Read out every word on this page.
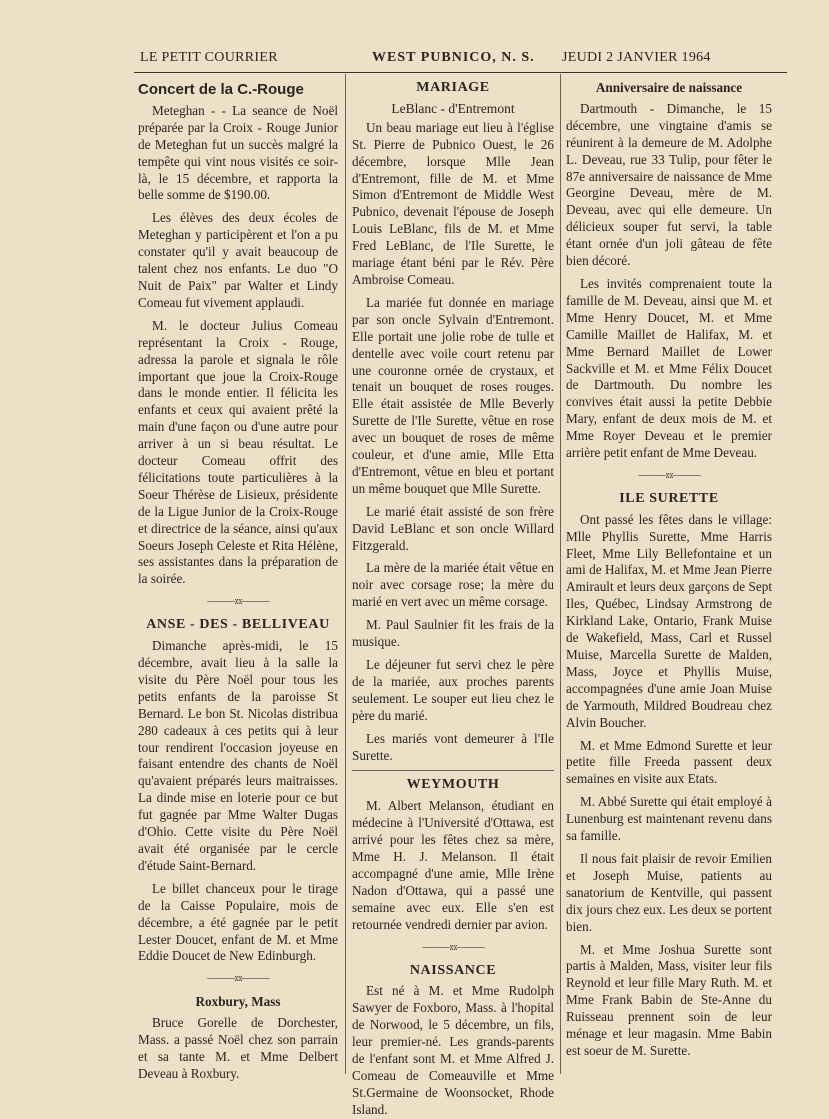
LE PETIT COURRIER	WEST PUBNICO, N. S. JEUDI 2 JANVIER 1964
Concert de la C.-Rouge

Meteghan - - La seance de Noël préparée par la Croix - Rouge Junior de Meteghan fut un succès malgré la tempête qui vint nous visités ce soir-là, le 15 décembre, et rapporta la belle somme de $190.00.

Les élèves des deux écoles de Meteghan y participèrent et l'on a pu constater qu'il y avait beaucoup de talent chez nos enfants. Le duo "O Nuit de Paix" par Walter et Lindy Comeau fut vivement applaudi.

M. le docteur Julius Comeau représentant la Croix - Rouge, adressa la parole et signala le rôle important que joue la Croix-Rouge dans le monde entier. Il félicita les enfants et ceux qui avaient prêté la main d'une façon ou d'une autre pour arriver à un si beau résultat. Le docteur Comeau offrit des félicitations toute particulières à la Soeur Thérèse de Lisieux, présidente de la Ligue Junior de la Croix-Rouge et directrice de la séance, ainsi qu'aux Soeurs Joseph Celeste et Rita Hélène, ses assistantes dans la préparation de la soirée.

———:o:———
ANSE - DES - BELLIVEAU

Dimanche après-midi, le 15 décembre, avait lieu à la salle la visite du Père Noël pour tous les petits enfants de la paroisse St Bernard. Le bon St. Nicolas distribua 280 cadeaux à ces petits qui à leur tour rendirent l'occasion joyeuse en faisant entendre des chants de Noël qu'avaient préparés leurs maitraisses. La dinde mise en loterie pour ce but fut gagnée par Mme Walter Dugas d'Ohio. Cette visite du Père Noël avait été organisée par le cercle d'étude Saint-Bernard.

Le billet chanceux pour le tirage de la Caisse Populaire, mois de décembre, a été gagnée par le petit Lester Doucet, enfant de M. et Mme Eddie Doucet de New Edinburgh.

———:o:———
Roxbury, Mass

Bruce Gorelle de Dorchester, Mass. a passé Noël chez son parrain et sa tante M. et Mme Delbert Deveau à Roxbury.

MARIAGE
LeBlanc - d'Entremont

Un beau mariage eut lieu à l'église St. Pierre de Pubnico Ouest, le 26 décembre, lorsque Mlle Jean d'Entremont, fille de M. et Mme Simon d'Entremont de Middle West Pubnico, devenait l'épouse de Joseph Louis LeBlanc, fils de M. et Mme Fred LeBlanc, de l'Ile Surette, le mariage étant béni par le Rév. Père Ambroise Comeau.

La mariée fut donnée en mariage par son oncle Sylvain d'Entremont. Elle portait une jolie robe de tulle et dentelle avec voile court retenu par une couronne ornée de crystaux, et tenait un bouquet de roses rouges. Elle était assistée de Mlle Beverly Surette de l'Ile Surette, vêtue en rose avec un bouquet de roses de même couleur, et d'une amie, Mlle Etta d'Entremont, vêtue en bleu et portant un même bouquet que Mlle Surette.

Le marié était assisté de son frère David LeBlanc et son oncle Willard Fitzgerald.

La mère de la mariée était vêtue en noir avec corsage rose; la mère du marié en vert avec un même corsage.

M. Paul Saulnier fit les frais de la musique.

Le déjeuner fut servi chez le père de la mariée, aux proches parents seulement. Le souper eut lieu chez le père du marié.

Les mariés vont demeurer à l'Ile Surette.

WEYMOUTH

M. Albert Melanson, étudiant en médecine à l'Université d'Ottawa, est arrivé pour les fêtes chez sa mère, Mme H. J. Melanson. Il était accompagné d'une amie, Mlle Irène Nadon d'Ottawa, qui a passé une semaine avec eux. Elle s'en est retournée vendredi dernier par avion.

———:o:———
NAISSANCE

Est né à M. et Mme Rudolph Sawyer de Foxboro, Mass. à l'hopital de Norwood, le 5 décembre, un fils, leur premier-né. Les grands-parents de l'enfant sont M. et Mme Alfred J. Comeau de Comeauville et Mme St.Germaine de Woonsocket, Rhode Island.

Anniversaire de naissance

Dartmouth - Dimanche, le 15 décembre, une vingtaine d'amis se réunirent à la demeure de M. Adolphe L. Deveau, rue 33 Tulip, pour fêter le 87e anniversaire de naissance de Mme Georgine Deveau, mère de M. Deveau, avec qui elle demeure. Un délicieux souper fut servi, la table étant ornée d'un joli gâteau de fête bien décoré.

Les invités comprenaient toute la famille de M. Deveau, ainsi que M. et Mme Henry Doucet, M. et Mme Camille Maillet de Halifax, M. et Mme Bernard Maillet de Lower Sackville et M. et Mme Félix Doucet de Dartmouth. Du nombre les convives était aussi la petite Debbie Mary, enfant de deux mois de M. et Mme Royer Deveau et le premier arrière petit enfant de Mme Deveau.

———:o:———
ILE SURETTE

Ont passé les fêtes dans le village: Mlle Phyllis Surette, Mme Harris Fleet, Mme Lily Bellefontaine et un ami de Halifax, M. et Mme Jean Pierre Amirault et leurs deux garçons de Sept Iles, Québec, Lindsay Armstrong de Kirkland Lake, Ontario, Frank Muise de Wakefield, Mass, Carl et Russel Muise, Marcella Surette de Malden, Mass, Joyce et Phyllis Muise, accompagnées d'une amie Joan Muise de Yarmouth, Mildred Boudreau chez Alvin Boucher.

M. et Mme Edmond Surette et leur petite fille Freeda passent deux semaines en visite aux Etats.

M. Abbé Surette qui était employé à Lunenburg est maintenant revenu dans sa famille.

Il nous fait plaisir de revoir Emilien et Joseph Muise, patients au sanatorium de Kentville, qui passent dix jours chez eux. Les deux se portent bien.

M. et Mme Joshua Surette sont partis à Malden, Mass, visiter leur fils Reynold et leur fille Mary Ruth. M. et Mme Frank Babin de Ste-Anne du Ruisseau prennent soin de leur ménage et leur magasin. Mme Babin est soeur de M. Surette.
